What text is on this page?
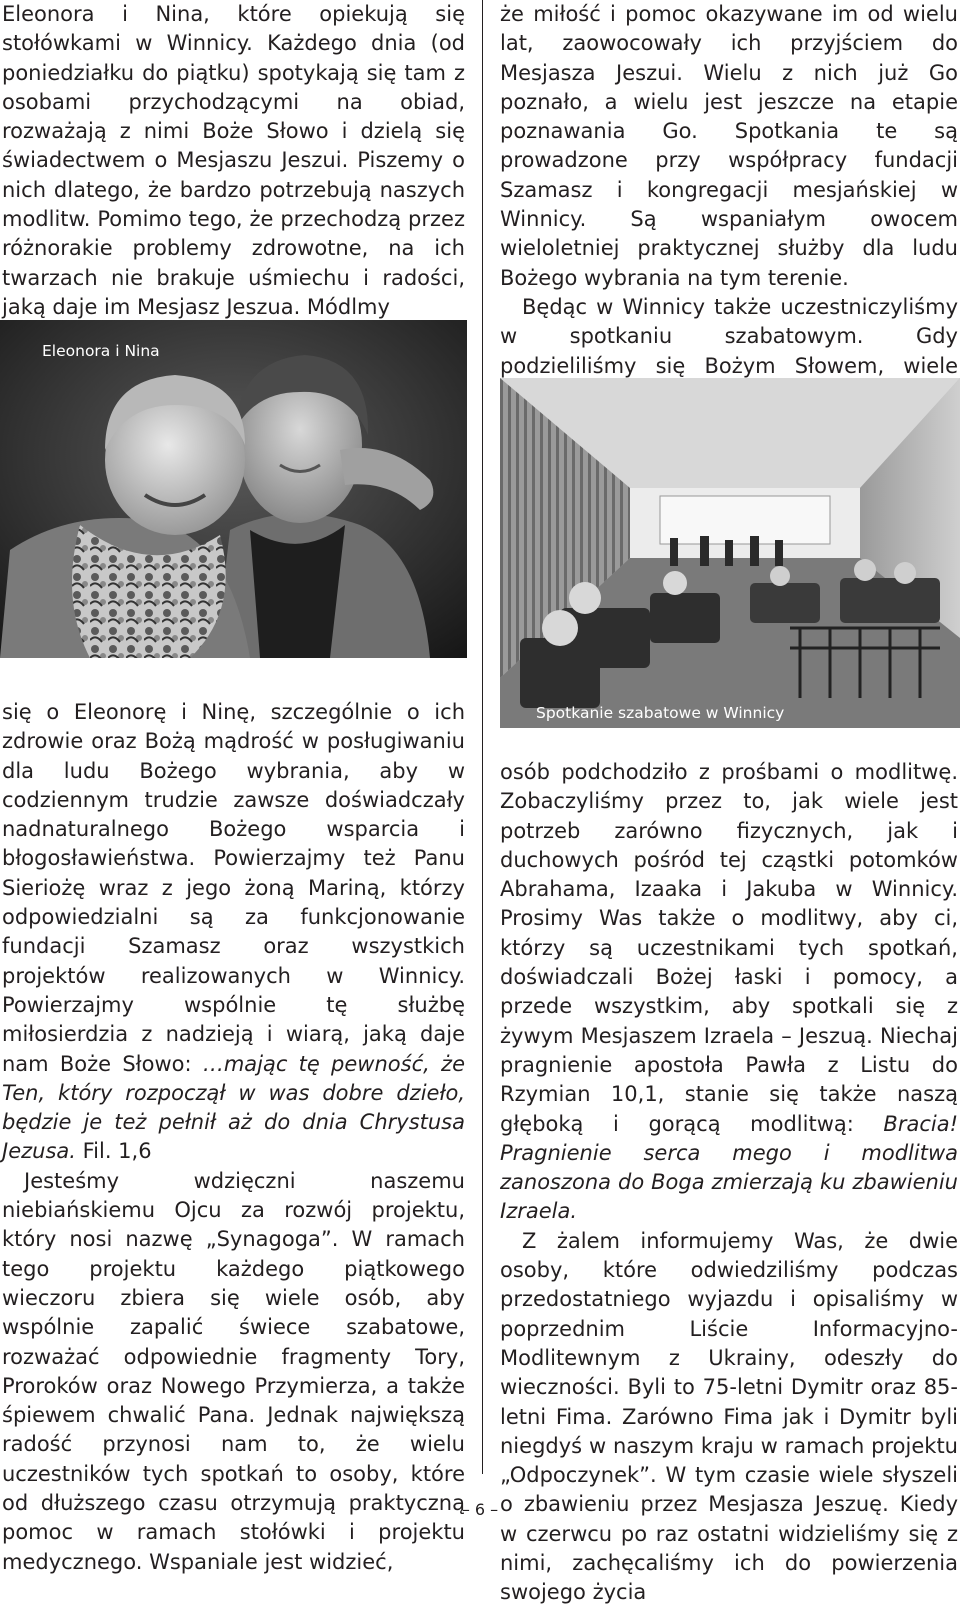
Eleonora i Nina, które opiekują się stołówkami w Winnicy. Każdego dnia (od poniedziałku do piątku) spotykają się tam z osobami przychodzącymi na obiad, rozważają z nimi Boże Słowo i dzielą się świadectwem o Mesjaszu Jeszui. Piszemy o nich dlatego, że bardzo potrzebują naszych modlitw. Pomimo tego, że przechodzą przez różnorakie problemy zdrowotne, na ich twarzach nie brakuje uśmiechu i radości, jaką daje im Mesjasz Jeszua. Módlmy

Eleonora i Nina

się o Eleonorę i Ninę, szczególnie o ich zdrowie oraz Bożą mądrość w posługiwaniu dla ludu Bożego wybrania, aby w codziennym trudzie zawsze doświadczały nadnaturalnego Bożego wsparcia i błogosławieństwa. Powierzajmy też Panu Sieriożę wraz z jego żoną Mariną, którzy odpowiedzialni są za funkcjonowanie fundacji Szamasz oraz wszystkich projektów realizowanych w Winnicy. Powierzajmy wspólnie tę służbę miłosierdzia z nadzieją i wiarą, jaką daje nam Boże Słowo: …mając tę pewność, że Ten, który rozpoczął w was dobre dzieło, będzie je też pełnił aż do dnia Chrystusa Jezusa. Fil. 1,6

Jesteśmy wdzięczni naszemu niebiańskiemu Ojcu za rozwój projektu, który nosi nazwę „Synagoga”. W ramach tego projektu każdego piątkowego wieczoru zbiera się wiele osób, aby wspólnie zapalić świece szabatowe, rozważać odpowiednie fragmenty Tory, Proroków oraz Nowego Przymierza, a także śpiewem chwalić Pana. Jednak największą radość przynosi nam to, że wielu uczestników tych spotkań to osoby, które od dłuższego czasu otrzymują praktyczną pomoc w ramach stołówki i projektu medycznego. Wspaniale jest widzieć,

że miłość i pomoc okazywane im od wielu lat, zaowocowały ich przyjściem do Mesjasza Jeszui. Wielu z nich już Go poznało, a wielu jest jeszcze na etapie poznawania Go. Spotkania te są prowadzone przy współpracy fundacji Szamasz i kongregacji mesjańskiej w Winnicy. Są wspaniałym owocem wieloletniej praktycznej służby dla ludu Bożego wybrania na tym terenie.

Będąc w Winnicy także uczestniczyliśmy w spotkaniu szabatowym. Gdy podzieliliśmy się Bożym Słowem, wiele

Spotkanie szabatowe w Winnicy

osób podchodziło z prośbami o modlitwę. Zobaczyliśmy przez to, jak wiele jest potrzeb zarówno fizycznych, jak i duchowych pośród tej cząstki potomków Abrahama, Izaaka i Jakuba w Winnicy. Prosimy Was także o modlitwy, aby ci, którzy są uczestnikami tych spotkań, doświadczali Bożej łaski i pomocy, a przede wszystkim, aby spotkali się z żywym Mesjaszem Izraela – Jeszuą. Niechaj pragnienie apostoła Pawła z Listu do Rzymian 10,1, stanie się także naszą głęboką i gorącą modlitwą: Bracia! Pragnienie serca mego i modlitwa zanoszona do Boga zmierzają ku zbawieniu Izraela.

Z żalem informujemy Was, że dwie osoby, które odwiedziliśmy podczas przedostatniego wyjazdu i opisaliśmy w poprzednim Liście Informacyjno-Modlitewnym z Ukrainy, odeszły do wieczności. Byli to 75-letni Dymitr oraz 85-letni Fima. Zarówno Fima jak i Dymitr byli niegdyś w naszym kraju w ramach projektu „Odpoczynek”. W tym czasie wiele słyszeli o zbawieniu przez Mesjasza Jeszuę. Kiedy w czerwcu po raz ostatni widzieliśmy się z nimi, zachęcaliśmy ich do powierzenia swojego życia

– 6 –
